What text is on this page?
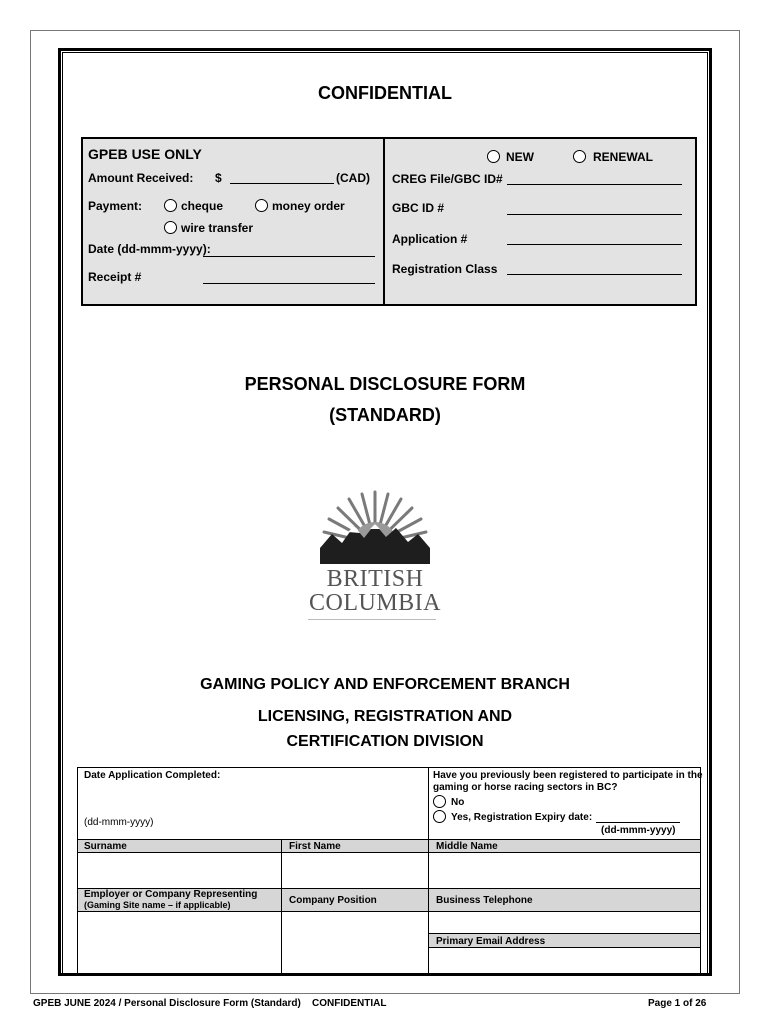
CONFIDENTIAL
GPEB USE ONLY
Amount Received: $	(CAD)
Payment:	cheque	money order
wire transfer
Date (dd-mmm-yyyy):
Receipt #
NEW	RENEWAL
CREG File/GBC ID#
GBC ID #
Application #
Registration Class
PERSONAL DISCLOSURE FORM
(STANDARD)
BRITISH
COLUMBIA
GAMING POLICY AND ENFORCEMENT BRANCH
LICENSING, REGISTRATION AND
CERTIFICATION DIVISION
Date Application Completed:
(dd-mmm-yyyy)
Have you previously been registered to participate in the
gaming or horse racing sectors in BC?
No
Yes, Registration Expiry date:
(dd-mmm-yyyy)
Surname	First Name	Middle Name
Employer or Company Representing
(Gaming Site name – if applicable)	Company Position	Business Telephone
Primary Email Address
GPEB JUNE 2024 / Personal Disclosure Form (Standard) CONFIDENTIAL	Page 1 of 26
